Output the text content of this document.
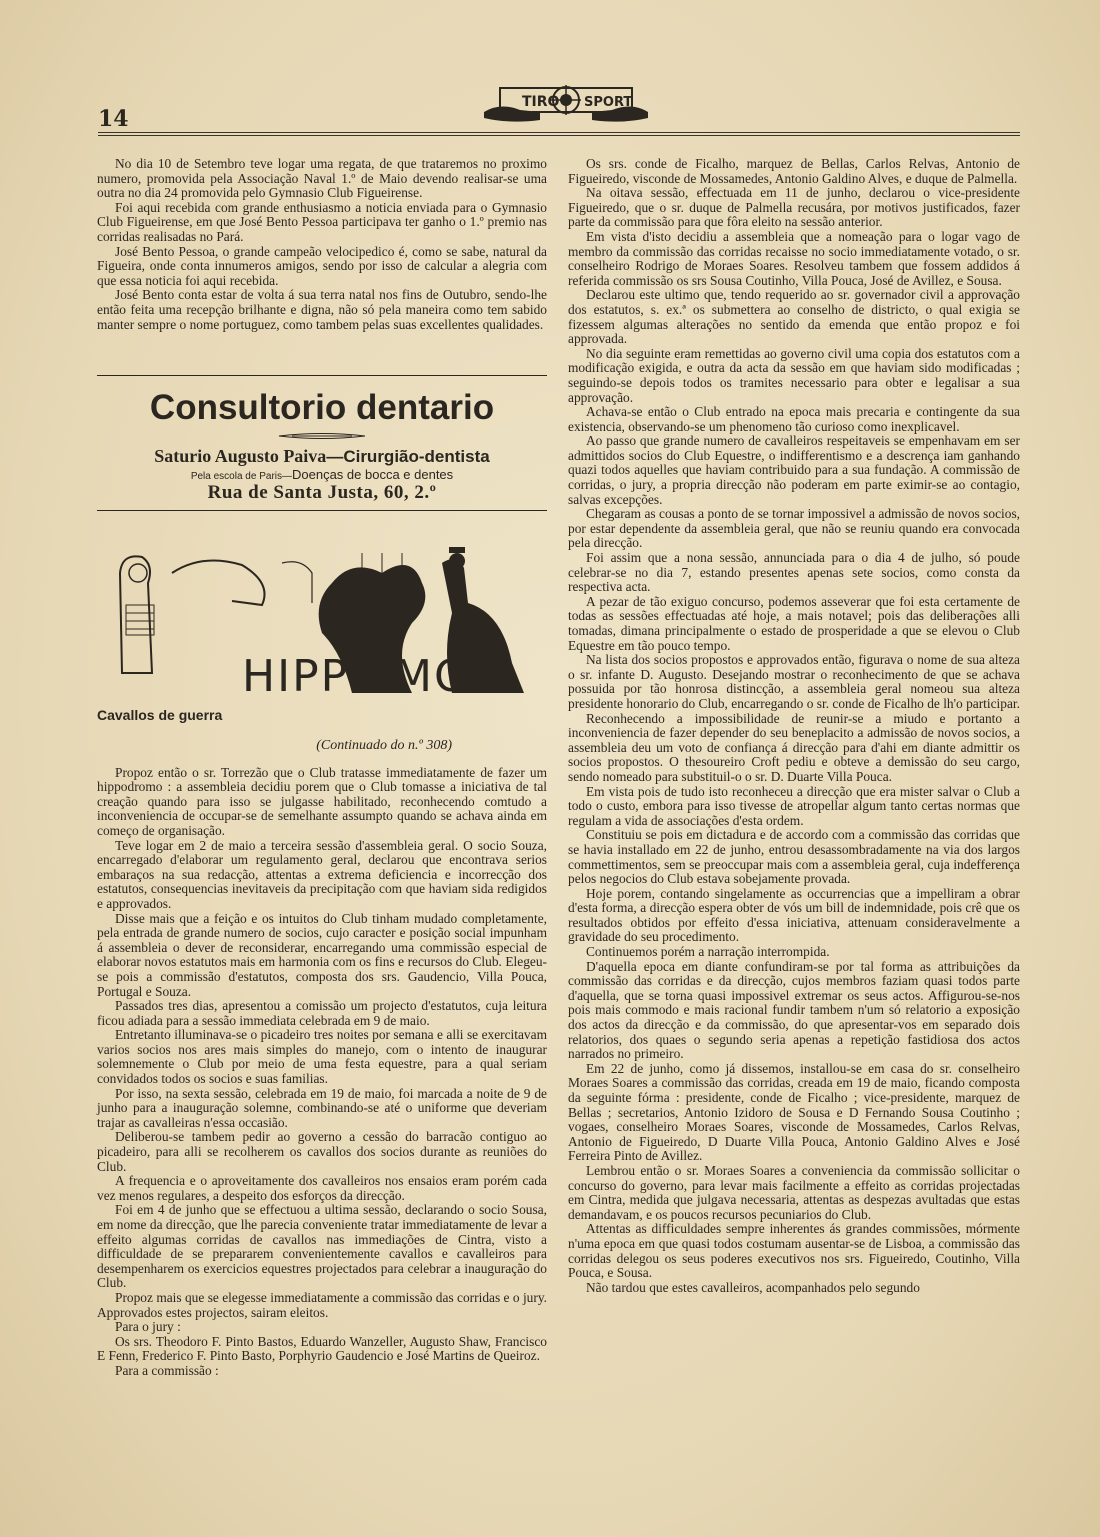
14
TIRO SPORT

No dia 10 de Setembro teve logar uma regata, de que trataremos no proximo numero, promovida pela Associação Naval 1.º de Maio devendo realisar-se uma outra no dia 24 promovida pelo Gymnasio Club Figueirense.

Foi aqui recebida com grande enthusiasmo a noticia enviada para o Gymnasio Club Figueirense, em que José Bento Pessoa participava ter ganho o 1.º premio nas corridas realisadas no Pará.

José Bento Pessoa, o grande campeão velocipedico é, como se sabe, natural da Figueira, onde conta innumeros amigos, sendo por isso de calcular a alegria com que essa noticia foi aqui recebida.

José Bento conta estar de volta á sua terra natal nos fins de Outubro, sendo-lhe então feita uma recepção brilhante e digna, não só pela maneira como tem sabido manter sempre o nome portuguez, como tambem pelas suas excellentes qualidades.

Consultorio dentario
Saturio Augusto Paiva—Cirurgião-dentista
Pela escola de Paris—Doenças de bocca e dentes
Rua de Santa Justa, 60, 2.º
HIPPISMO
Cavallos de guerra
(Continuado do n.º 308)

Propoz então o sr. Torrezão que o Club tratasse immediatamente de fazer um hippodromo : a assembleia decidiu porem que o Club tomasse a iniciativa de tal creação quando para isso se julgasse habilitado, reconhecendo comtudo a inconveniencia de occupar-se de semelhante assumpto quando se achava ainda em começo de organisação.

Teve logar em 2 de maio a terceira sessão d'assembleia geral. O socio Souza, encarregado d'elaborar um regulamento geral, declarou que encontrava serios embaraços na sua redacção, attentas a extrema deficiencia e incorrecção dos estatutos, consequencias inevitaveis da precipitação com que haviam sida redigidos e approvados.

Disse mais que a feição e os intuitos do Club tinham mudado completamente, pela entrada de grande numero de socios, cujo caracter e posição social impunham á assembleia o dever de reconsiderar, encarregando uma commissão especial de elaborar novos estatutos mais em harmonia com os fins e recursos do Club. Elegeu-se pois a commissão d'estatutos, composta dos srs. Gaudencio, Villa Pouca, Portugal e Souza.

Passados tres dias, apresentou a comissão um projecto d'estatutos, cuja leitura ficou adiada para a sessão immediata celebrada em 9 de maio.

Entretanto illuminava-se o picadeiro tres noites por semana e alli se exercitavam varios socios nos ares mais simples do manejo, com o intento de inaugurar solemnemente o Club por meio de uma festa equestre, para a qual seriam convidados todos os socios e suas familias.

Por isso, na sexta sessão, celebrada em 19 de maio, foi marcada a noite de 9 de junho para a inauguração solemne, combinando-se até o uniforme que deveriam trajar as cavalleiras n'essa occasião.

Deliberou-se tambem pedir ao governo a cessão do barracão contiguo ao picadeiro, para alli se recolherem os cavallos dos socios durante as reuniões do Club.

A frequencia e o aproveitamente dos cavalleiros nos ensaios eram porém cada vez menos regulares, a despeito dos esforços da direcção.

Foi em 4 de junho que se effectuou a ultima sessão, declarando o socio Sousa, em nome da direcção, que lhe parecia conveniente tratar immediatamente de levar a effeito algumas corridas de cavallos nas immediações de Cintra, visto a difficuldade de se prepararem convenientemente cavallos e cavalleiros para desempenharem os exercicios equestres projectados para celebrar a inauguração do Club.

Propoz mais que se elegesse immediatamente a commissão das corridas e o jury. Approvados estes projectos, sairam eleitos.

Para o jury :

Os srs. Theodoro F. Pinto Bastos, Eduardo Wanzeller, Augusto Shaw, Francisco E Fenn, Frederico F. Pinto Basto, Porphyrio Gaudencio e José Martins de Queiroz.

Para a commissão :

Os srs. conde de Ficalho, marquez de Bellas, Carlos Relvas, Antonio de Figueiredo, visconde de Mossamedes, Antonio Galdino Alves, e duque de Palmella.

Na oitava sessão, effectuada em 11 de junho, declarou o vice-presidente Figueiredo, que o sr. duque de Palmella recusára, por motivos justificados, fazer parte da commissão para que fôra eleito na sessão anterior.

Em vista d'isto decidiu a assembleia que a nomeação para o logar vago de membro da commissão das corridas recaisse no socio immediatamente votado, o sr. conselheiro Rodrigo de Moraes Soares. Resolveu tambem que fossem addidos á referida commissão os srs Sousa Coutinho, Villa Pouca, José de Avillez, e Sousa.

Declarou este ultimo que, tendo requerido ao sr. governador civil a approvação dos estatutos, s. ex.ª os submettera ao conselho de districto, o qual exigia se fizessem algumas alterações no sentido da emenda que então propoz e foi approvada.

No dia seguinte eram remettidas ao governo civil uma copia dos estatutos com a modificação exigida, e outra da acta da sessão em que haviam sido modificadas ; seguindo-se depois todos os tramites necessario para obter e legalisar a sua approvação.

Achava-se então o Club entrado na epoca mais precaria e contingente da sua existencia, observando-se um phenomeno tão curioso como inexplicavel.

Ao passo que grande numero de cavalleiros respeitaveis se empenhavam em ser admittidos socios do Club Equestre, o indifferentismo e a descrença iam ganhando quazi todos aquelles que haviam contribuido para a sua fundação. A commissão de corridas, o jury, a propria direcção não poderam em parte eximir-se ao contagio, salvas excepções.

Chegaram as cousas a ponto de se tornar impossivel a admissão de novos socios, por estar dependente da assembleia geral, que não se reuniu quando era convocada pela direcção.

Foi assim que a nona sessão, annunciada para o dia 4 de julho, só poude celebrar-se no dia 7, estando presentes apenas sete socios, como consta da respectiva acta.

A pezar de tão exiguo concurso, podemos asseverar que foi esta certamente de todas as sessões effectuadas até hoje, a mais notavel; pois das deliberações alli tomadas, dimana principalmente o estado de prosperidade a que se elevou o Club Equestre em tão pouco tempo.

Na lista dos socios propostos e approvados então, figurava o nome de sua alteza o sr. infante D. Augusto. Desejando mostrar o reconhecimento de que se achava possuida por tão honrosa distincção, a assembleia geral nomeou sua alteza presidente honorario do Club, encarregando o sr. conde de Ficalho de lh'o participar.

Reconhecendo a impossibilidade de reunir-se a miudo e portanto a inconveniencia de fazer depender do seu beneplacito a admissão de novos socios, a assembleia deu um voto de confiança á direcção para d'ahi em diante admittir os socios propostos. O thesoureiro Croft pediu e obteve a demissão do seu cargo, sendo nomeado para substituil-o o sr. D. Duarte Villa Pouca.

Em vista pois de tudo isto reconheceu a direcção que era mister salvar o Club a todo o custo, embora para isso tivesse de atropellar algum tanto certas normas que regulam a vida de associações d'esta ordem.

Constituiu se pois em dictadura e de accordo com a commissão das corridas que se havia installado em 22 de junho, entrou desassombradamente na via dos largos commettimentos, sem se preoccupar mais com a assembleia geral, cuja indefferença pelos negocios do Club estava sobejamente provada.

Hoje porem, contando singelamente as occurrencias que a impelliram a obrar d'esta forma, a direcção espera obter de vós um bill de indemnidade, pois crê que os resultados obtidos por effeito d'essa iniciativa, attenuam consideravelmente a gravidade do seu procedimento.

Continuemos porém a narração interrompida.

D'aquella epoca em diante confundiram-se por tal forma as attribuições da commissão das corridas e da direcção, cujos membros faziam quasi todos parte d'aquella, que se torna quasi impossivel extremar os seus actos. Affigurou-se-nos pois mais commodo e mais racional fundir tambem n'um só relatorio a exposição dos actos da direcção e da commissão, do que apresentar-vos em separado dois relatorios, dos quaes o segundo seria apenas a repetição fastidiosa dos actos narrados no primeiro.

Em 22 de junho, como já dissemos, installou-se em casa do sr. conselheiro Moraes Soares a commissão das corridas, creada em 19 de maio, ficando composta da seguinte fórma : presidente, conde de Ficalho ; vice-presidente, marquez de Bellas ; secretarios, Antonio Izidoro de Sousa e D Fernando Sousa Coutinho ; vogaes, conselheiro Moraes Soares, visconde de Mossamedes, Carlos Relvas, Antonio de Figueiredo, D Duarte Villa Pouca, Antonio Galdino Alves e José Ferreira Pinto de Avillez.

Lembrou então o sr. Moraes Soares a conveniencia da commissão sollicitar o concurso do governo, para levar mais facilmente a effeito as corridas projectadas em Cintra, medida que julgava necessaria, attentas as despezas avultadas que estas demandavam, e os poucos recursos pecuniarios do Club.

Attentas as difficuldades sempre inherentes ás grandes commissões, mórmente n'uma epoca em que quasi todos costumam ausentar-se de Lisboa, a commissão das corridas delegou os seus poderes executivos nos srs. Figueiredo, Coutinho, Villa Pouca, e Sousa.

Não tardou que estes cavalleiros, acompanhados pelo segundo
